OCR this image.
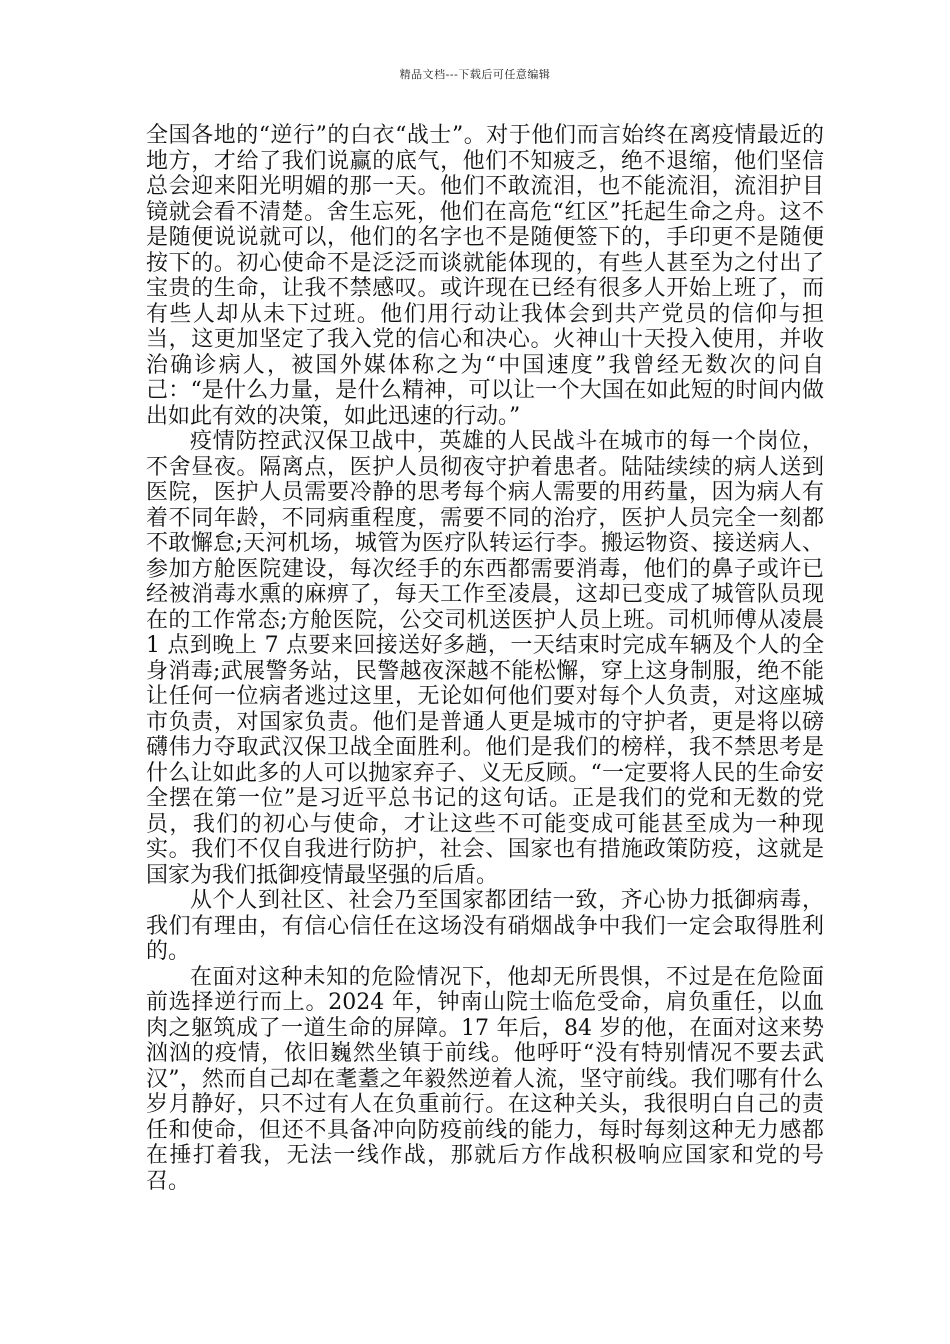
精品文档---下载后可任意编辑

全国各地的“逆行”的白衣“战士”。对于他们而言始终在离疫情最近的地方，才给了我们说赢的底气，他们不知疲乏，绝不退缩，他们坚信总会迎来阳光明媚的那一天。他们不敢流泪，也不能流泪，流泪护目镜就会看不清楚。舍生忘死，他们在高危“红区”托起生命之舟。这不是随便说说就可以，他们的名字也不是随便签下的，手印更不是随便按下的。初心使命不是泛泛而谈就能体现的，有些人甚至为之付出了宝贵的生命，让我不禁感叹。或许现在已经有很多人开始上班了，而有些人却从未下过班。他们用行动让我体会到共产党员的信仰与担当，这更加坚定了我入党的信心和决心。火神山十天投入使用，并收治确诊病人，被国外媒体称之为“中国速度”我曾经无数次的问自己：“是什么力量，是什么精神，可以让一个大国在如此短的时间内做出如此有效的决策，如此迅速的行动。”

疫情防控武汉保卫战中，英雄的人民战斗在城市的每一个岗位，不舍昼夜。隔离点，医护人员彻夜守护着患者。陆陆续续的病人送到医院，医护人员需要冷静的思考每个病人需要的用药量，因为病人有着不同年龄，不同病重程度，需要不同的治疗，医护人员完全一刻都不敢懈怠;天河机场，城管为医疗队转运行李。搬运物资、接送病人、参加方舱医院建设，每次经手的东西都需要消毒，他们的鼻子或许已经被消毒水熏的麻痹了，每天工作至凌晨，这却已变成了城管队员现在的工作常态;方舱医院，公交司机送医护人员上班。司机师傅从凌晨 1 点到晚上 7 点要来回接送好多趟，一天结束时完成车辆及个人的全身消毒;武展警务站，民警越夜深越不能松懈，穿上这身制服，绝不能让任何一位病者逃过这里，无论如何他们要对每个人负责，对这座城市负责，对国家负责。他们是普通人更是城市的守护者，更是将以磅礴伟力夺取武汉保卫战全面胜利。他们是我们的榜样，我不禁思考是什么让如此多的人可以抛家弃子、义无反顾。“一定要将人民的生命安全摆在第一位”是习近平总书记的这句话。正是我们的党和无数的党员，我们的初心与使命，才让这些不可能变成可能甚至成为一种现实。我们不仅自我进行防护，社会、国家也有措施政策防疫，这就是国家为我们抵御疫情最坚强的后盾。

从个人到社区、社会乃至国家都团结一致，齐心协力抵御病毒，我们有理由，有信心信任在这场没有硝烟战争中我们一定会取得胜利的。

在面对这种未知的危险情况下，他却无所畏惧，不过是在危险面前选择逆行而上。2024 年，钟南山院士临危受命，肩负重任，以血肉之躯筑成了一道生命的屏障。17 年后，84 岁的他，在面对这来势汹汹的疫情，依旧巍然坐镇于前线。他呼吁“没有特别情况不要去武汉”，然而自己却在耄耋之年毅然逆着人流，坚守前线。我们哪有什么岁月静好，只不过有人在负重前行。在这种关头，我很明白自己的责任和使命，但还不具备冲向防疫前线的能力，每时每刻这种无力感都在捶打着我，无法一线作战，那就后方作战积极响应国家和党的号召。
